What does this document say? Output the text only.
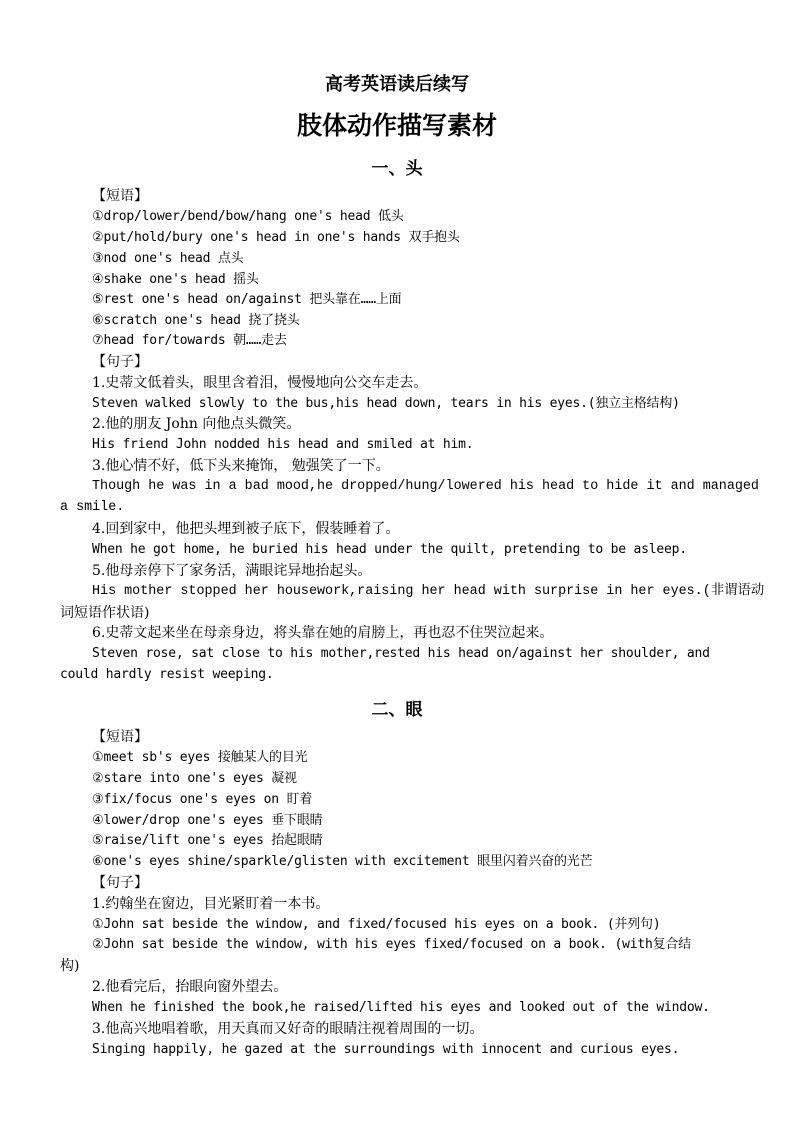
高考英语读后续写
肢体动作描写素材
一、头
【短语】
①drop/lower/bend/bow/hang one's head 低头
②put/hold/bury one's head in one's hands 双手抱头
③nod one's head 点头
④shake one's head 摇头
⑤rest one's head on/against 把头靠在……上面
⑥scratch one's head 挠了挠头
⑦head for/towards 朝……走去
【句子】
1.史蒂文低着头，眼里含着泪，慢慢地向公交车走去。
Steven walked slowly to the bus,his head down, tears in his eyes.(独立主格结构)
2.他的朋友 John 向他点头微笑。
His friend John nodded his head and smiled at him.
3.他心情不好，低下头来掩饰， 勉强笑了一下。
Though he was in a bad mood,he dropped/hung/lowered his head to hide it and managed
a smile.
4.回到家中，他把头埋到被子底下，假装睡着了。
When he got home, he buried his head under the quilt, pretending to be asleep.
5.他母亲停下了家务活，满眼诧异地抬起头。
His mother stopped her housework,raising her head with surprise in her eyes.(非谓语动
词短语作状语)
6.史蒂文起来坐在母亲身边，将头靠在她的肩膀上，再也忍不住哭泣起来。
Steven rose, sat close to his mother,rested his head on/against her shoulder, and
could hardly resist weeping.
二、眼
【短语】
①meet sb's eyes 接触某人的目光
②stare into one's eyes 凝视
③fix/focus one's eyes on 盯着
④lower/drop one's eyes 垂下眼睛
⑤raise/lift one's eyes 抬起眼睛
⑥one's eyes shine/sparkle/glisten with excitement 眼里闪着兴奋的光芒
【句子】
1.约翰坐在窗边，目光紧盯着一本书。
①John sat beside the window, and fixed/focused his eyes on a book. (并列句)
②John sat beside the window, with his eyes fixed/focused on a book. (with复合结
构)
2.他看完后，抬眼向窗外望去。
When he finished the book,he raised/lifted his eyes and looked out of the window.
3.他高兴地唱着歌，用天真而又好奇的眼睛注视着周围的一切。
Singing happily, he gazed at the surroundings with innocent and curious eyes.
